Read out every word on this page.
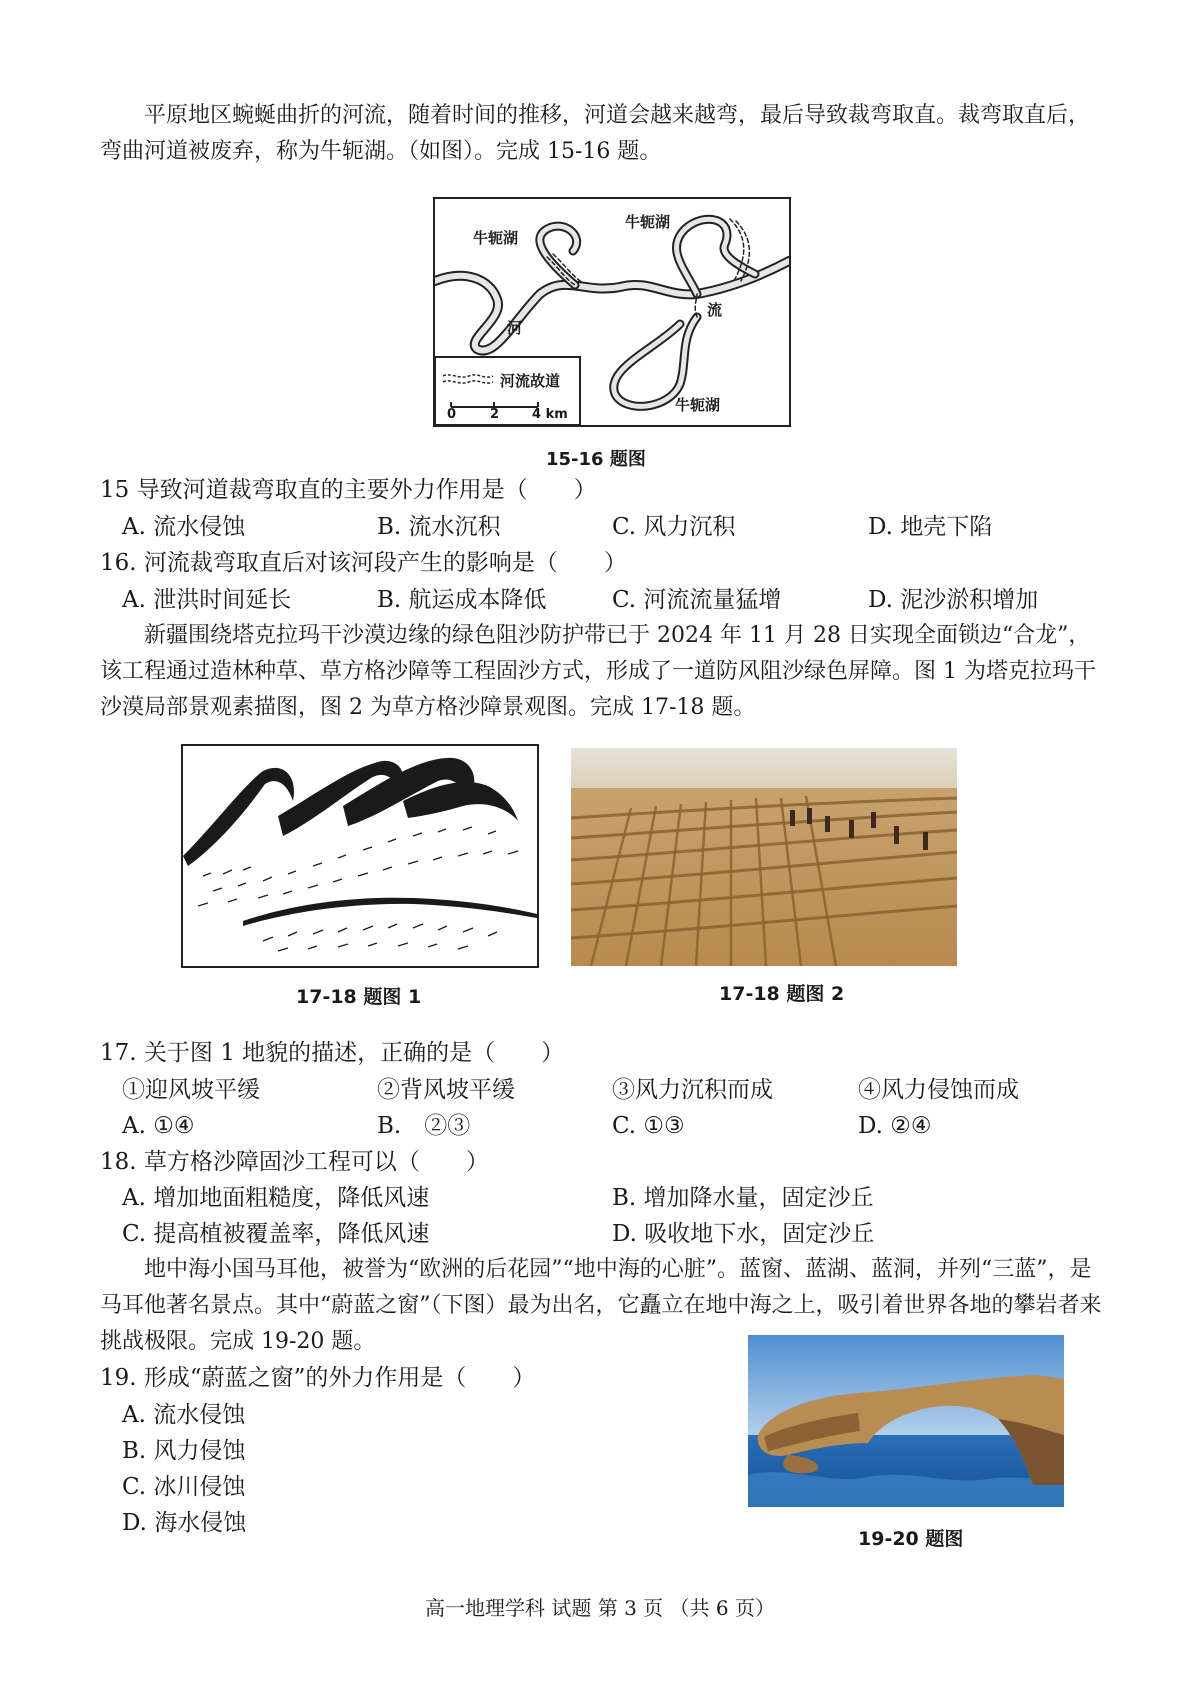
平原地区蜿蜒曲折的河流，随着时间的推移，河道会越来越弯，最后导致裁弯取直。裁弯取直后，弯曲河道被废弃，称为牛轭湖。（如图）。完成 15-16 题。

牛轭湖
牛轭湖
牛轭湖
河
流
河流故道
0	2	4 km
15-16 题图
15 导致河道裁弯取直的主要外力作用是（　　）
A. 流水侵蚀	B. 流水沉积	C. 风力沉积	D. 地壳下陷
16. 河流裁弯取直后对该河段产生的影响是（　　）
A. 泄洪时间延长	B. 航运成本降低	C. 河流流量猛增	D. 泥沙淤积增加

新疆围绕塔克拉玛干沙漠边缘的绿色阻沙防护带已于 2024 年 11 月 28 日实现全面锁边“合龙”，该工程通过造林种草、草方格沙障等工程固沙方式，形成了一道防风阻沙绿色屏障。图 1 为塔克拉玛干沙漠局部景观素描图，图 2 为草方格沙障景观图。完成 17-18 题。

17-18 题图 1	17-18 题图 2
17. 关于图 1 地貌的描述，正确的是（　　）
①迎风坡平缓	②背风坡平缓	③风力沉积而成	④风力侵蚀而成
A. ①④	B.　②③	C. ①③	D. ②④
18. 草方格沙障固沙工程可以（　　）
A. 增加地面粗糙度，降低风速	B. 增加降水量，固定沙丘
C. 提高植被覆盖率，降低风速	D. 吸收地下水，固定沙丘

地中海小国马耳他，被誉为“欧洲的后花园”“地中海的心脏”。蓝窗、蓝湖、蓝洞，并列“三蓝”，是马耳他著名景点。其中“蔚蓝之窗”（下图）最为出名，它矗立在地中海之上，吸引着世界各地的攀岩者来挑战极限。完成 19-20 题。

19. 形成“蔚蓝之窗”的外力作用是（　　）
A. 流水侵蚀
B. 风力侵蚀
C. 冰川侵蚀
D. 海水侵蚀
19-20 题图
高一地理学科 试题 第 3 页 （共 6 页）
